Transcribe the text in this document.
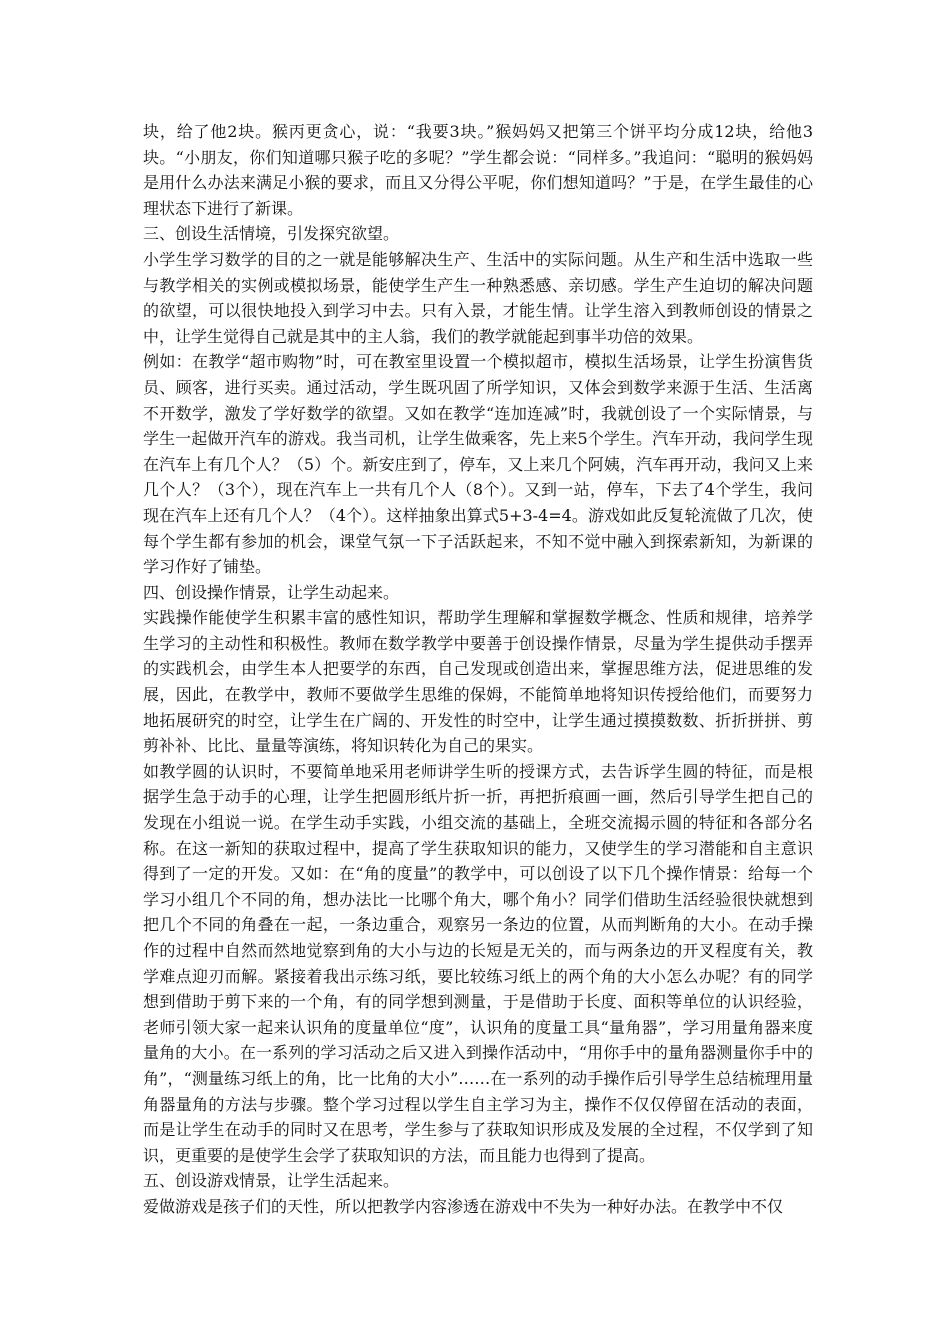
块，给了他2块。猴丙更贪心，说：“我要3块。”猴妈妈又把第三个饼平均分成12块，给他3块。“小朋友，你们知道哪只猴子吃的多呢？”学生都会说：“同样多。”我追问：“聪明的猴妈妈是用什么办法来满足小猴的要求，而且又分得公平呢，你们想知道吗？”于是，在学生最佳的心理状态下进行了新课。

三、创设生活情境，引发探究欲望。

小学生学习数学的目的之一就是能够解决生产、生活中的实际问题。从生产和生活中选取一些与教学相关的实例或模拟场景，能使学生产生一种熟悉感、亲切感。学生产生迫切的解决问题的欲望，可以很快地投入到学习中去。只有入景，才能生情。让学生溶入到教师创设的情景之中，让学生觉得自己就是其中的主人翁，我们的教学就能起到事半功倍的效果。

例如：在教学“超市购物”时，可在教室里设置一个模拟超市，模拟生活场景，让学生扮演售货员、顾客，进行买卖。通过活动，学生既巩固了所学知识，又体会到数学来源于生活、生活离不开数学，激发了学好数学的欲望。又如在教学“连加连减”时，我就创设了一个实际情景，与学生一起做开汽车的游戏。我当司机，让学生做乘客，先上来5个学生。汽车开动，我问学生现在汽车上有几个人？（5）个。新安庄到了，停车，又上来几个阿姨，汽车再开动，我问又上来几个人？（3个），现在汽车上一共有几个人（8个）。又到一站，停车，下去了4个学生，我问现在汽车上还有几个人？（4个）。这样抽象出算式5+3-4=4。游戏如此反复轮流做了几次，使每个学生都有参加的机会，课堂气氛一下子活跃起来，不知不觉中融入到探索新知，为新课的学习作好了铺垫。

四、创设操作情景，让学生动起来。

实践操作能使学生积累丰富的感性知识，帮助学生理解和掌握数学概念、性质和规律，培养学生学习的主动性和积极性。教师在数学教学中要善于创设操作情景，尽量为学生提供动手摆弄的实践机会，由学生本人把要学的东西，自己发现或创造出来，掌握思维方法，促进思维的发展，因此，在教学中，教师不要做学生思维的保姆，不能简单地将知识传授给他们，而要努力地拓展研究的时空，让学生在广阔的、开发性的时空中，让学生通过摸摸数数、折折拼拼、剪剪补补、比比、量量等演练，将知识转化为自己的果实。

如教学圆的认识时，不要简单地采用老师讲学生听的授课方式，去告诉学生圆的特征，而是根据学生急于动手的心理，让学生把圆形纸片折一折，再把折痕画一画，然后引导学生把自己的发现在小组说一说。在学生动手实践，小组交流的基础上，全班交流揭示圆的特征和各部分名称。在这一新知的获取过程中，提高了学生获取知识的能力，又使学生的学习潜能和自主意识得到了一定的开发。又如：在“角的度量”的教学中，可以创设了以下几个操作情景：给每一个学习小组几个不同的角，想办法比一比哪个角大，哪个角小？同学们借助生活经验很快就想到把几个不同的角叠在一起，一条边重合，观察另一条边的位置，从而判断角的大小。在动手操作的过程中自然而然地觉察到角的大小与边的长短是无关的，而与两条边的开叉程度有关，教学难点迎刃而解。紧接着我出示练习纸，要比较练习纸上的两个角的大小怎么办呢？有的同学想到借助于剪下来的一个角，有的同学想到测量，于是借助于长度、面积等单位的认识经验，老师引领大家一起来认识角的度量单位“度”，认识角的度量工具“量角器”，学习用量角器来度量角的大小。在一系列的学习活动之后又进入到操作活动中，“用你手中的量角器测量你手中的角”，“测量练习纸上的角，比一比角的大小”……在一系列的动手操作后引导学生总结梳理用量角器量角的方法与步骤。整个学习过程以学生自主学习为主，操作不仅仅停留在活动的表面，而是让学生在动手的同时又在思考，学生参与了获取知识形成及发展的全过程，不仅学到了知识，更重要的是使学生会学了获取知识的方法，而且能力也得到了提高。

五、创设游戏情景，让学生活起来。

爱做游戏是孩子们的天性，所以把教学内容渗透在游戏中不失为一种好办法。在教学中不仅
